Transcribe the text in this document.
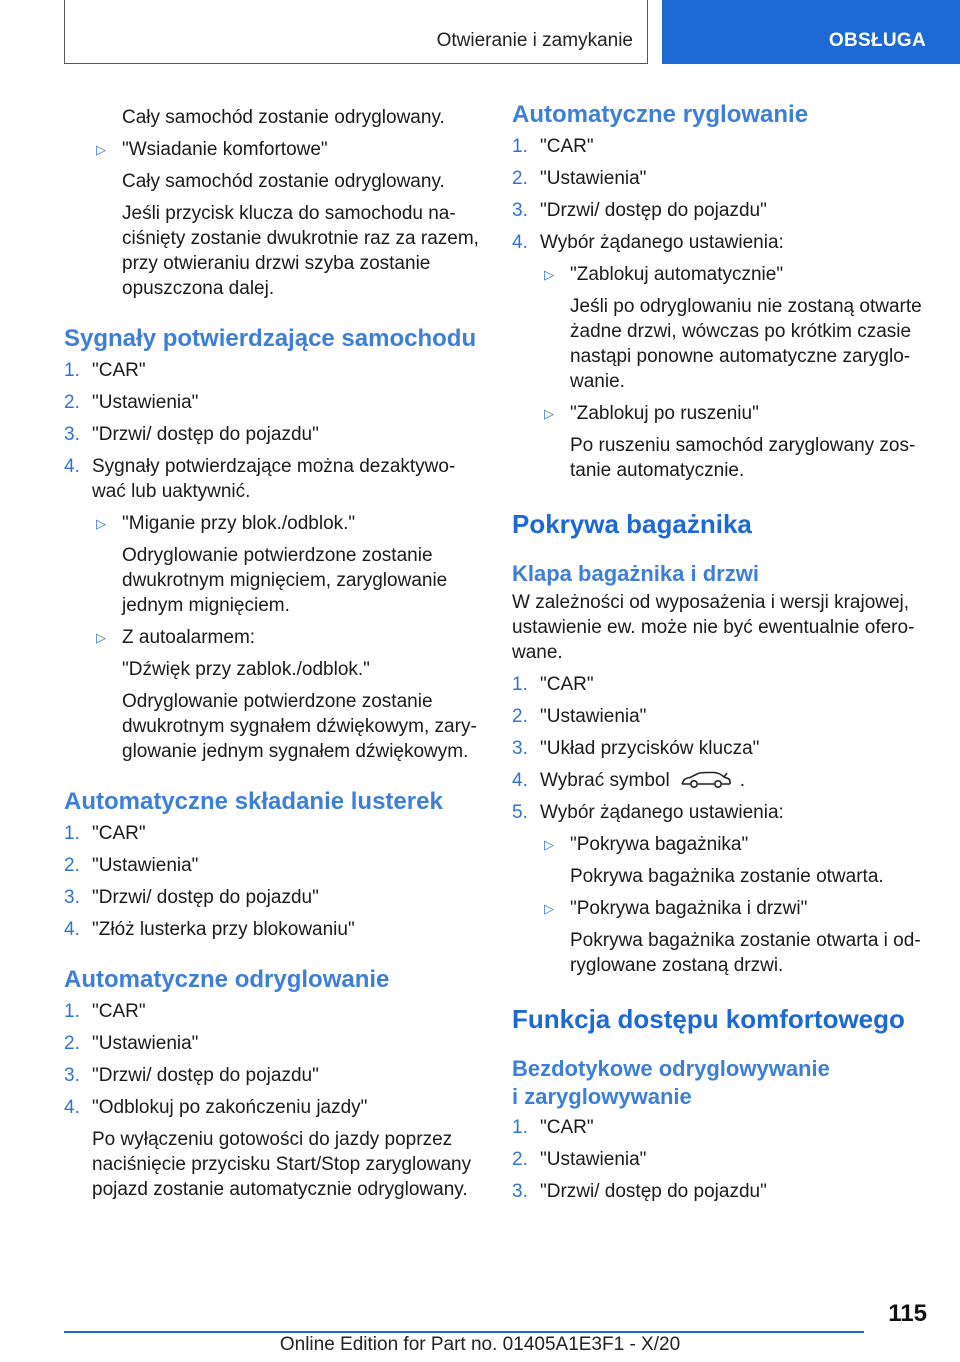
Otwieranie i zamykanie	OBSŁUGA
Cały samochód zostanie odryglowany.
▷ "Wsiadanie komfortowe"
Cały samochód zostanie odryglowany.
Jeśli przycisk klucza do samochodu naciśnięty zostanie dwukrotnie raz za razem, przy otwieraniu drzwi szyba zostanie opuszczona dalej.
Sygnały potwierdzające samochodu
1. "CAR"
2. "Ustawienia"
3. "Drzwi/ dostęp do pojazdu"
4. Sygnały potwierdzające można dezaktywować lub uaktywnić.
▷ "Miganie przy blok./odblok."
Odryglowanie potwierdzone zostanie dwukrotnym mignięciem, zaryglowanie jednym mignięciem.
▷ Z autoalarmem:
"Dźwięk przy zablok./odblok."
Odryglowanie potwierdzone zostanie dwukrotnym sygnałem dźwiękowym, zaryglowanie jednym sygnałem dźwiękowym.
Automatyczne składanie lusterek
1. "CAR"
2. "Ustawienia"
3. "Drzwi/ dostęp do pojazdu"
4. "Złóż lusterka przy blokowaniu"
Automatyczne odryglowanie
1. "CAR"
2. "Ustawienia"
3. "Drzwi/ dostęp do pojazdu"
4. "Odblokuj po zakończeniu jazdy"
Po wyłączeniu gotowości do jazdy poprzez naciśnięcie przycisku Start/Stop zaryglowany pojazd zostanie automatycznie odryglowany.
Automatyczne ryglowanie
1. "CAR"
2. "Ustawienia"
3. "Drzwi/ dostęp do pojazdu"
4. Wybór żądanego ustawienia:
▷ "Zablokuj automatycznie"
Jeśli po odryglowaniu nie zostaną otwarte żadne drzwi, wówczas po krótkim czasie nastąpi ponowne automatyczne zaryglowanie.
▷ "Zablokuj po ruszeniu"
Po ruszeniu samochód zaryglowany zostanie automatycznie.
Pokrywa bagażnika
Klapa bagażnika i drzwi
W zależności od wyposażenia i wersji krajowej, ustawienie ew. może nie być ewentualnie oferowane.
1. "CAR"
2. "Ustawienia"
3. "Układ przycisków klucza"
4. Wybrać symbol	.
5. Wybór żądanego ustawienia:
▷ "Pokrywa bagażnika"
Pokrywa bagażnika zostanie otwarta.
▷ "Pokrywa bagażnika i drzwi"
Pokrywa bagażnika zostanie otwarta i odryglowane zostaną drzwi.
Funkcja dostępu komfortowego
Bezdotykowe odryglowywanie
i zaryglowywanie
1. "CAR"
2. "Ustawienia"
3. "Drzwi/ dostęp do pojazdu"
115
Online Edition for Part no. 01405A1E3F1 - X/20
